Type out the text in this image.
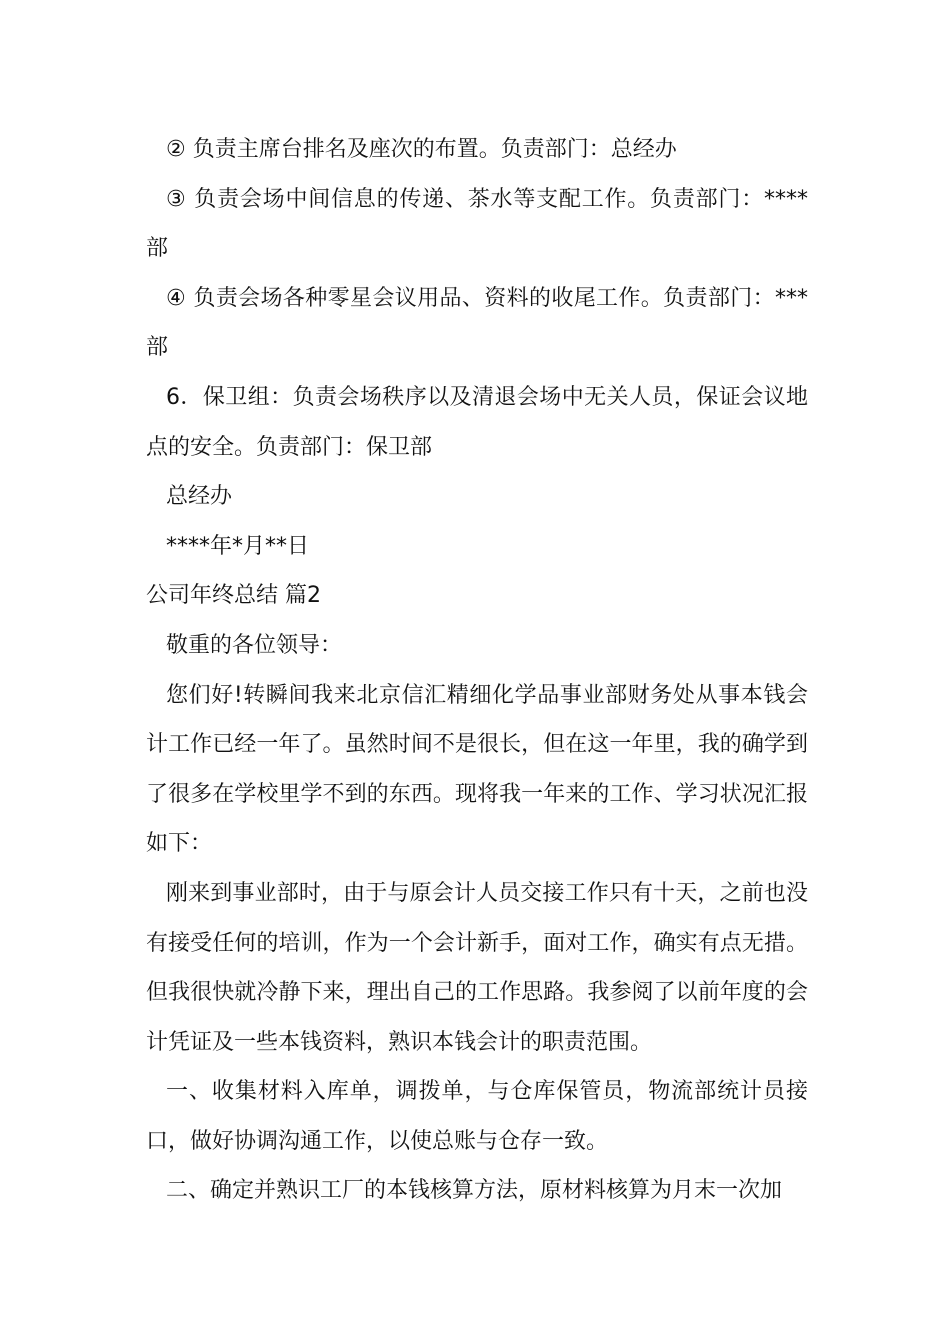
② 负责主席台排名及座次的布置。负责部门：总经办

③ 负责会场中间信息的传递、茶水等支配工作。负责部门：****部

④ 负责会场各种零星会议用品、资料的收尾工作。负责部门：***部

6．保卫组：负责会场秩序以及清退会场中无关人员，保证会议地点的安全。负责部门：保卫部

总经办

****年*月**日

公司年终总结 篇2

敬重的各位领导：

您们好!转瞬间我来北京信汇精细化学品事业部财务处从事本钱会计工作已经一年了。虽然时间不是很长，但在这一年里，我的确学到了很多在学校里学不到的东西。现将我一年来的工作、学习状况汇报如下：

刚来到事业部时，由于与原会计人员交接工作只有十天，之前也没有接受任何的培训，作为一个会计新手，面对工作，确实有点无措。但我很快就冷静下来，理出自己的工作思路。我参阅了以前年度的会计凭证及一些本钱资料，熟识本钱会计的职责范围。

一、收集材料入库单，调拨单，与仓库保管员，物流部统计员接口，做好协调沟通工作，以使总账与仓存一致。

二、确定并熟识工厂的本钱核算方法，原材料核算为月末一次加
